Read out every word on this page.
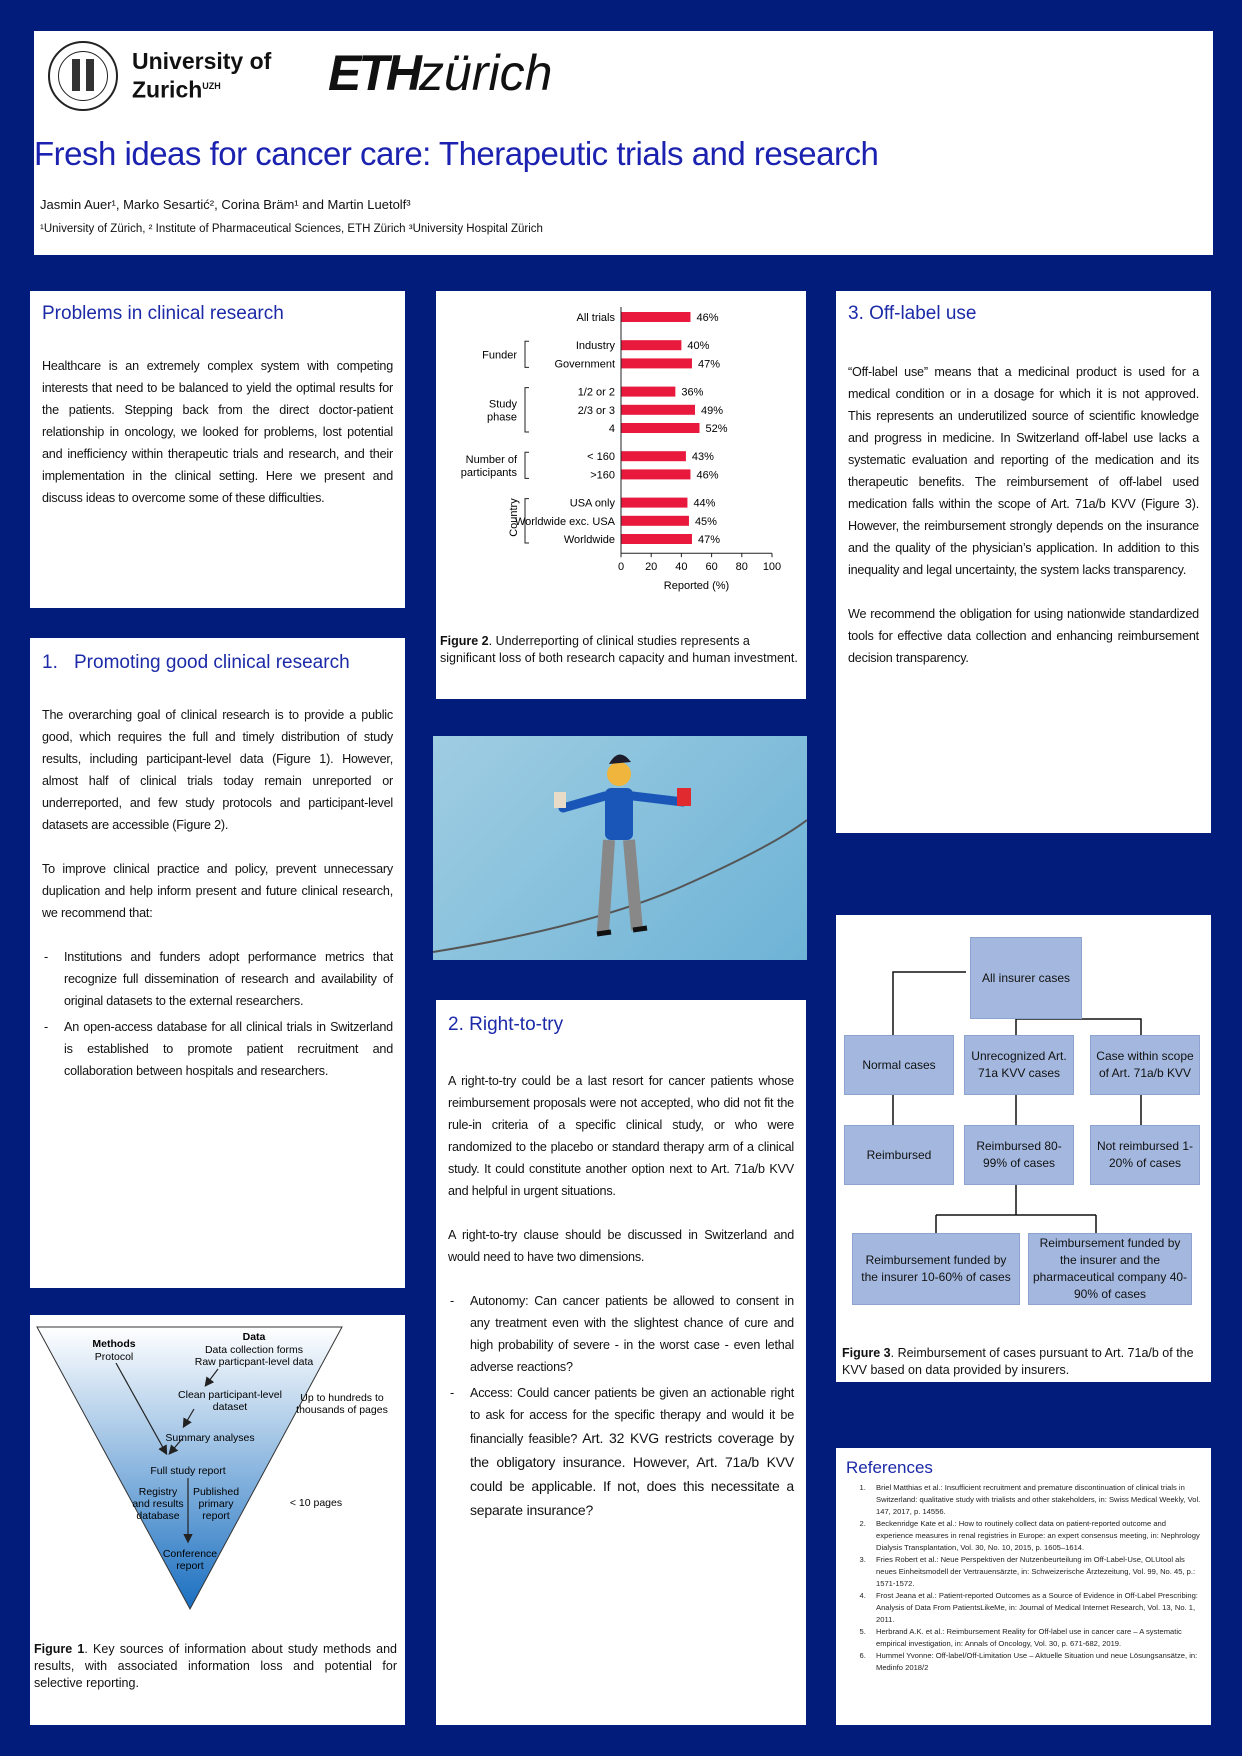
University of
Zurich$^{UZH}$	ETHzürich
Fresh ideas for cancer care: Therapeutic trials and research
Jasmin Auer¹, Marko Sesartić², Corina Bräm¹ and Martin Luetolf³
¹University of Zürich, ² Institute of Pharmaceutical Sciences, ETH Zürich ³University Hospital Zürich
Problems in clinical research
Healthcare is an extremely complex system with competing interests that need to be balanced to yield the optimal results for the patients. Stepping back from the direct doctor-patient relationship in oncology, we looked for problems, lost potential and inefficiency within therapeutic trials and research, and their implementation in the clinical setting. Here we present and discuss ideas to overcome some of these difficulties.
1. Promoting good clinical research

The overarching goal of clinical research is to provide a public good, which requires the full and timely distribution of study results, including participant-level data (Figure 1). However, almost half of clinical trials today remain unreported or underreported, and few study protocols and participant-level datasets are accessible (Figure 2).

To improve clinical practice and policy, prevent unnecessary duplication and help inform present and future clinical research, we recommend that:

- Institutions and funders adopt performance metrics that recognize full dissemination of research and availability of original datasets to the external researchers.
- An open-access database for all clinical trials in Switzerland is established to promote patient recruitment and collaboration between hospitals and researchers.
Methods
Protocol
Data
Data collection forms
Raw particpant-level data
Clean participant-level
dataset
Summary analyses
Full study report
Registry
and results
database
Published
primary
report
Conference
report
Up to hundreds to
thousands of pages
< 10 pages
Figure 1. Key sources of information about study methods and results, with associated information loss and potential for selective reporting.
All trials	46%
Industry	40%
Government	47%
Funder
1/2 or 2	36%
2/3 or 3	49%
4	52%
Study
phase
< 160	43%
>160	46%
Number of
participants
USA only	44%
Worldwide exc. USA	45%
Worldwide	47%
Country
0 20 40 60 80 100
Reported (%)
Figure 2. Underreporting of clinical studies represents a significant loss of both research capacity and human investment.
2. Right-to-try

A right-to-try could be a last resort for cancer patients whose reimbursement proposals were not accepted, who did not fit the rule-in criteria of a specific clinical study, or who were randomized to the placebo or standard therapy arm of a clinical study. It could constitute another option next to Art. 71a/b KVV and helpful in urgent situations.

A right-to-try clause should be discussed in Switzerland and would need to have two dimensions.

- Autonomy: Can cancer patients be allowed to consent in any treatment even with the slightest chance of cure and high probability of severe - in the worst case - even lethal adverse reactions?
- Access: Could cancer patients be given an actionable right to ask for access for the specific therapy and would it be financially feasible? Art. 32 KVG restricts coverage by the obligatory insurance. However, Art. 71a/b KVV could be applicable. If not, does this necessitate a separate insurance?
3. Off-label use

“Off-label use” means that a medicinal product is used for a medical condition or in a dosage for which it is not approved. This represents an underutilized source of scientific knowledge and progress in medicine. In Switzerland off-label use lacks a systematic evaluation and reporting of the medication and its therapeutic benefits. The reimbursement of off-label used medication falls within the scope of Art. 71a/b KVV (Figure 3). However, the reimbursement strongly depends on the insurance and the quality of the physician’s application. In addition to this inequality and legal uncertainty, the system lacks transparency.

We recommend the obligation for using nationwide standardized tools for effective data collection and enhancing reimbursement decision transparency.

All insurer cases
Normal cases
Unrecognized Art. 71a KVV cases
Case within scope of Art. 71a/b KVV
Reimbursed
Reimbursed 80-99% of cases
Not reimbursed 1-20% of cases
Reimbursement funded by the insurer 10-60% of cases
Reimbursement funded by the insurer and the pharmaceutical company 40-90% of cases
Figure 3. Reimbursement of cases pursuant to Art. 71a/b of the KVV based on data provided by insurers.
References
1. Briel Matthias et al.: Insufficient recruitment and premature discontinuation of clinical trials in Switzerland: qualitative study with trialists and other stakeholders, in: Swiss Medical Weekly, Vol. 147, 2017, p. 14556.
2. Beckenridge Kate et al.: How to routinely collect data on patient-reported outcome and experience measures in renal registries in Europe: an expert consensus meeting, in: Nephrology Dialysis Transplantation, Vol. 30, No. 10, 2015, p. 1605–1614.
3. Fries Robert et al.: Neue Perspektiven der Nutzenbeurteilung im Off-Label-Use, OLUtool als neues Einheitsmodell der Vertrauensärzte, in: Schweizerische Ärztezeitung, Vol. 99, No. 45, p.: 1571-1572.
4. Frost Jeana et al.: Patient-reported Outcomes as a Source of Evidence in Off-Label Prescribing: Analysis of Data From PatientsLikeMe, in: Journal of Medical Internet Research, Vol. 13, No. 1, 2011.
5. Herbrand A.K. et al.: Reimbursement Reality for Off-label use in cancer care – A systematic empirical investigation, in: Annals of Oncology, Vol. 30, p. 671-682, 2019.
6. Hummel Yvonne: Off-label/Off-Limitation Use – Aktuelle Situation und neue Lösungsansätze, in: Medinfo 2018/2
